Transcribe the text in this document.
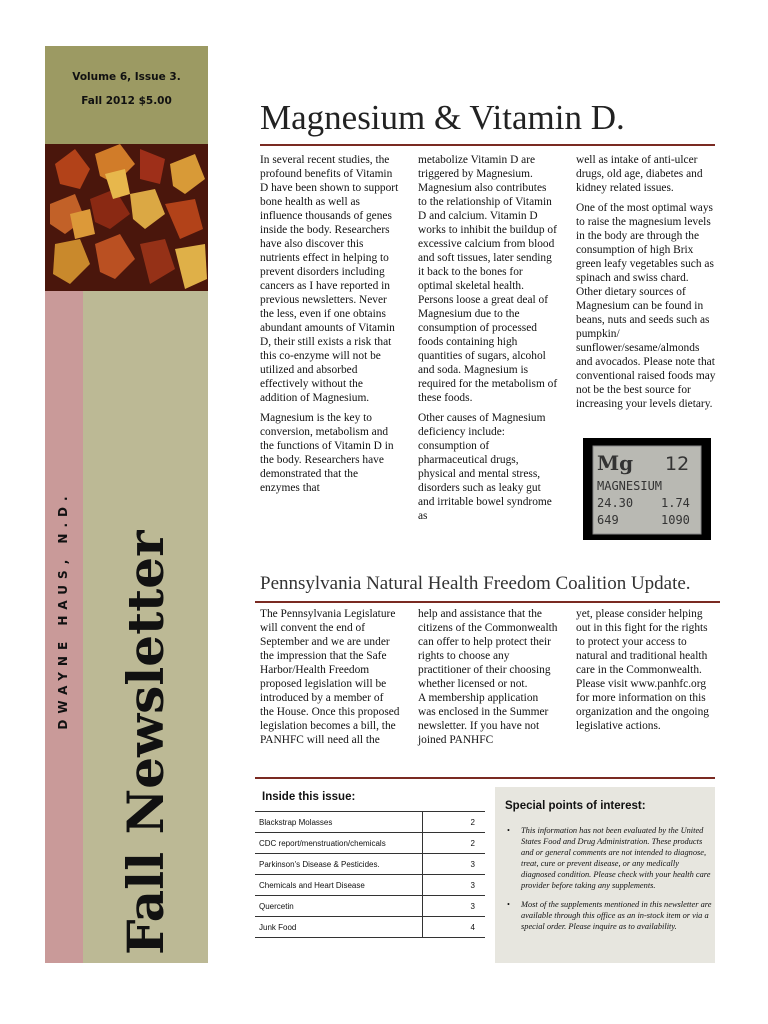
Volume 6, Issue 3.
Fall 2012 $5.00
DWAYNE HAUS, N.D. Fall Newsletter
Magnesium & Vitamin D.

In several recent studies, the profound benefits of Vitamin D have been shown to support bone health as well as influence thousands of genes inside the body. Researchers have also discover this nutrients effect in helping to prevent disorders including cancers as I have reported in previous newsletters. Never the less, even if one obtains abundant amounts of Vitamin D, their still exists a risk that this co-enzyme will not be utilized and absorbed effectively without the addition of Magnesium.

Magnesium is the key to conversion, metabolism and the functions of Vitamin D in the body. Researchers have demonstrated that the enzymes that

metabolize Vitamin D are triggered by Magnesium. Magnesium also contributes to the relationship of Vitamin D and calcium. Vitamin D works to inhibit the buildup of excessive calcium from blood and soft tissues, later sending it back to the bones for optimal skeletal health. Persons loose a great deal of Magnesium due to the consumption of processed foods containing high quantities of sugars, alcohol and soda. Magnesium is required for the metabolism of these foods.

Other causes of Magnesium deficiency include: consumption of pharmaceutical drugs, physical and mental stress, disorders such as leaky gut and irritable bowel syndrome as

well as intake of anti-ulcer drugs, old age, diabetes and kidney related issues.

One of the most optimal ways to raise the magnesium levels in the body are through the consumption of high Brix green leafy vegetables such as spinach and swiss chard. Other dietary sources of Magnesium can be found in beans, nuts and seeds such as pumpkin/ sunflower/sesame/almonds and avocados. Please note that conventional raised foods may not be the best source for increasing your levels dietary.

Mg 12
MAGNESIUM
24.30 1.74
649	1090
Pennsylvania Natural Health Freedom Coalition Update.

The Pennsylvania Legislature will convent the end of September and we are under the impression that the Safe Harbor/Health Freedom proposed legislation will be introduced by a member of the House. Once this proposed legislation becomes a bill, the PANHFC will need all the

help and assistance that the citizens of the Commonwealth can offer to help protect their rights to choose any practitioner of their choosing whether licensed or not.

A membership application was enclosed in the Summer newsletter. If you have not joined PANHFC

yet, please consider helping out in this fight for the rights to protect your access to natural and traditional health care in the Commonwealth.

Please visit www.panhfc.org for more information on this organization and the ongoing legislative actions.

Inside this issue:
Blackstrap Molasses	2
CDC report/menstruation/chemicals	2
Parkinson's Disease & Pesticides.	3
Chemicals and Heart Disease	3
Quercetin	3
Junk Food	4
Special points of interest:
• This information has not been evaluated by the United States Food and Drug Administration. These products and or general comments are not intended to diagnose, treat, cure or prevent disease, or any medically diagnosed condition. Please check with your health care provider before taking any supplements.
• Most of the supplements mentioned in this newsletter are available through this office as an in-stock item or via a special order. Please inquire as to availability.
